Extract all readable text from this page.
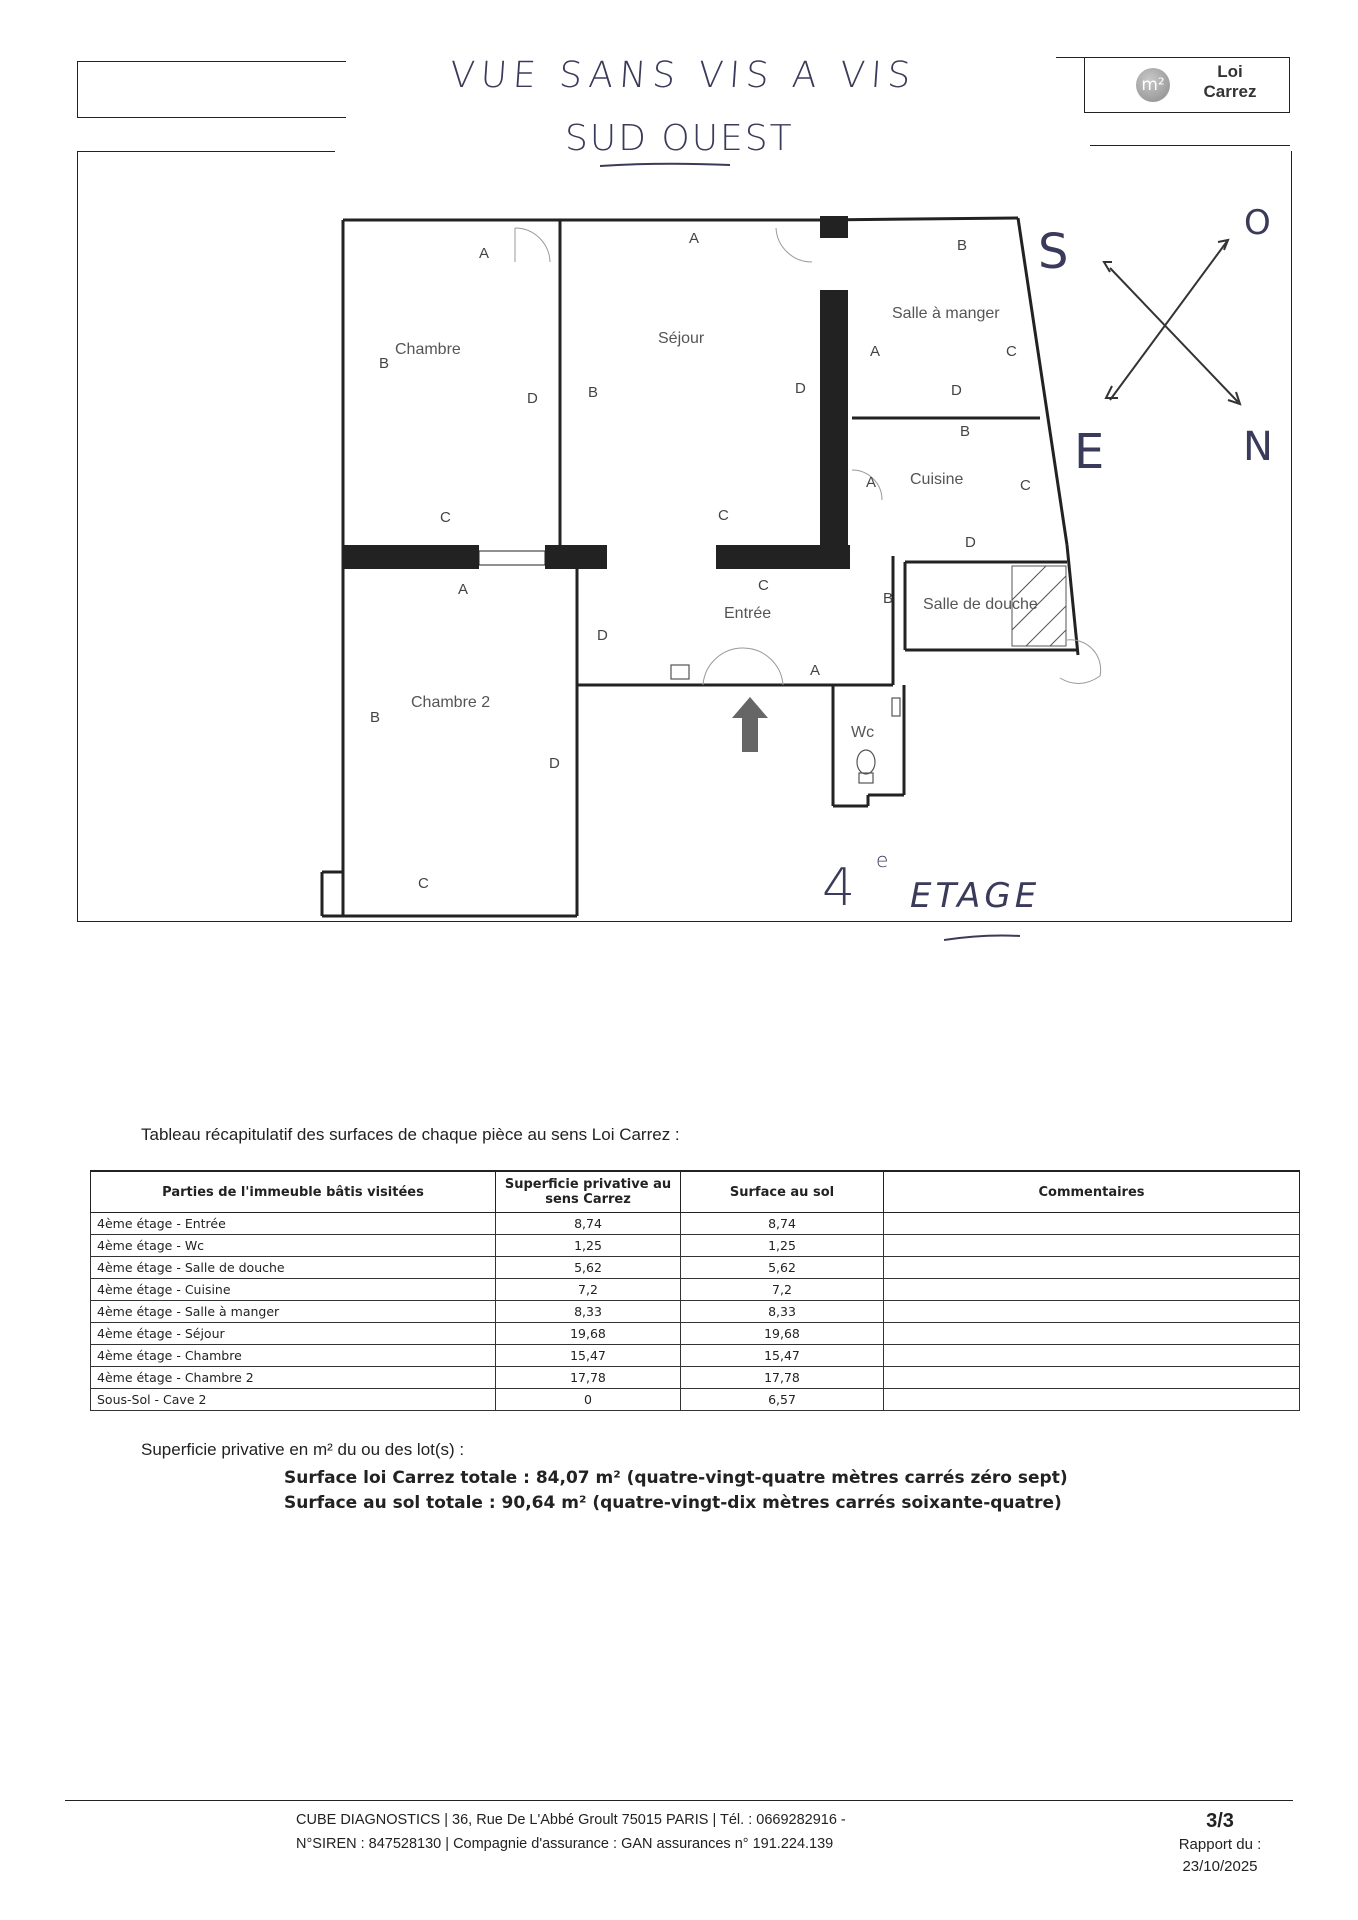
m²
Loi
Carrez
VUE SANS VIS A VIS
SUD OUEST
Chambre
Séjour
Salle à manger
Cuisine
Salle de douche
Entrée
Chambre 2
Wc
A
B
C
D
A
B
C
D
A
B
C
D
A
B
C
D
A
B
C
D
A
B
C
D
S
O
E	N
4 e
ETAGE
Tableau récapitulatif des surfaces de chaque pièce au sens Loi Carrez :
Parties de l'immeuble bâtis visitées	Superficie privative au sens Carrez	Surface au sol	Commentaires
4ème étage - Entrée	8,74	8,74	
4ème étage - Wc	1,25	1,25	
4ème étage - Salle de douche	5,62	5,62	
4ème étage - Cuisine	7,2	7,2	
4ème étage - Salle à manger	8,33	8,33	
4ème étage - Séjour	19,68	19,68	
4ème étage - Chambre	15,47	15,47	
4ème étage - Chambre 2	17,78	17,78	
Sous-Sol - Cave 2	0	6,57	
Superficie privative en m² du ou des lot(s) :
Surface loi Carrez totale : 84,07 m² (quatre-vingt-quatre mètres carrés zéro sept)
Surface au sol totale : 90,64 m² (quatre-vingt-dix mètres carrés soixante-quatre)
CUBE DIAGNOSTICS | 36, Rue De L'Abbé Groult 75015 PARIS | Tél. : 0669282916 -
N°SIREN : 847528130 | Compagnie d'assurance : GAN assurances n° 191.224.139
3/3
Rapport du :
23/10/2025
